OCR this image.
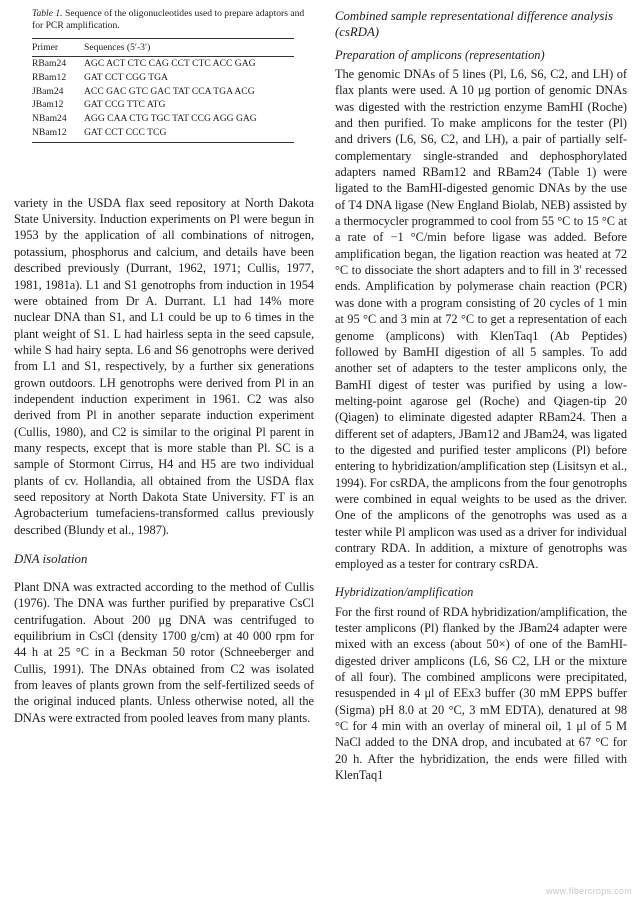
Table 1. Sequence of the oligonucleotides used to prepare adaptors and for PCR amplification.
Primer	Sequences (5′-3′)
RBam24	AGC ACT CTC CAG CCT CTC ACC GAG
RBam12	GAT CCT CGG TGA
JBam24	ACC GAC GTC GAC TAT CCA TGA ACG
JBam12	GAT CCG TTC ATG
NBam24	AGG CAA CTG TGC TAT CCG AGG GAG
NBam12	GAT CCT CCC TCG

variety in the USDA flax seed repository at North Dakota State University. Induction experiments on Pl were begun in 1953 by the application of all combinations of nitrogen, potassium, phosphorus and calcium, and details have been described previously (Durrant, 1962, 1971; Cullis, 1977, 1981, 1981a). L1 and S1 genotrophs from induction in 1954 were obtained from Dr A. Durrant. L1 had 14% more nuclear DNA than S1, and L1 could be up to 6 times in the plant weight of S1. L had hairless septa in the seed capsule, while S had hairy septa. L6 and S6 genotrophs were derived from L1 and S1, respectively, by a further six generations grown outdoors. LH genotrophs were derived from Pl in an independent induction experiment in 1961. C2 was also derived from Pl in another separate induction experiment (Cullis, 1980), and C2 is similar to the original Pl parent in many respects, except that is more stable than Pl. SC is a sample of Stormont Cirrus, H4 and H5 are two individual plants of cv. Hollandia, all obtained from the USDA flax seed repository at North Dakota State University. FT is an Agrobacterium tumefaciens-transformed callus previously described (Blundy et al., 1987).

DNA isolation

Plant DNA was extracted according to the method of Cullis (1976). The DNA was further purified by preparative CsCl centrifugation. About 200 μg DNA was centrifuged to equilibrium in CsCl (density 1700 g/cm) at 40 000 rpm for 44 h at 25 °C in a Beckman 50 rotor (Schneeberger and Cullis, 1991). The DNAs obtained from C2 was isolated from leaves of plants grown from the self-fertilized seeds of the original induced plants. Unless otherwise noted, all the DNAs were extracted from pooled leaves from many plants.

Combined sample representational difference analysis (csRDA)

Preparation of amplicons (representation)

The genomic DNAs of 5 lines (Pl, L6, S6, C2, and LH) of flax plants were used. A 10 μg portion of genomic DNAs was digested with the restriction enzyme BamHI (Roche) and then purified. To make amplicons for the tester (Pl) and drivers (L6, S6, C2, and LH), a pair of partially self-complementary single-stranded and dephosphorylated adapters named RBam12 and RBam24 (Table 1) were ligated to the BamHI-digested genomic DNAs by the use of T4 DNA ligase (New England Biolab, NEB) assisted by a thermocycler programmed to cool from 55 °C to 15 °C at a rate of −1 °C/min before ligase was added. Before amplification began, the ligation reaction was heated at 72 °C to dissociate the short adapters and to fill in 3′ recessed ends. Amplification by polymerase chain reaction (PCR) was done with a program consisting of 20 cycles of 1 min at 95 °C and 3 min at 72 °C to get a representation of each genome (amplicons) with KlenTaq1 (Ab Peptides) followed by BamHI digestion of all 5 samples. To add another set of adapters to the tester amplicons only, the BamHI digest of tester was purified by using a low-melting-point agarose gel (Roche) and Qiagen-tip 20 (Qiagen) to eliminate digested adapter RBam24. Then a different set of adapters, JBam12 and JBam24, was ligated to the digested and purified tester amplicons (Pl) before entering to hybridization/amplification step (Lisitsyn et al., 1994). For csRDA, the amplicons from the four genotrophs were combined in equal weights to be used as the driver. One of the amplicons of the genotrophs was used as a tester while Pl amplicon was used as a driver for individual contrary RDA. In addition, a mixture of genotrophs was employed as a tester for contrary csRDA.

Hybridization/amplification

For the first round of RDA hybridization/amplification, the tester amplicons (Pl) flanked by the JBam24 adapter were mixed with an excess (about 50×) of one of the BamHI- digested driver amplicons (L6, S6 C2, LH or the mixture of all four). The combined amplicons were precipitated, resuspended in 4 μl of EEx3 buffer (30 mM EPPS buffer (Sigma) pH 8.0 at 20 °C, 3 mM EDTA), denatured at 98 °C for 4 min with an overlay of mineral oil, 1 μl of 5 M NaCl added to the DNA drop, and incubated at 67 °C for 20 h. After the hybridization, the ends were filled with KlenTaq1

www.fibercrops.com
